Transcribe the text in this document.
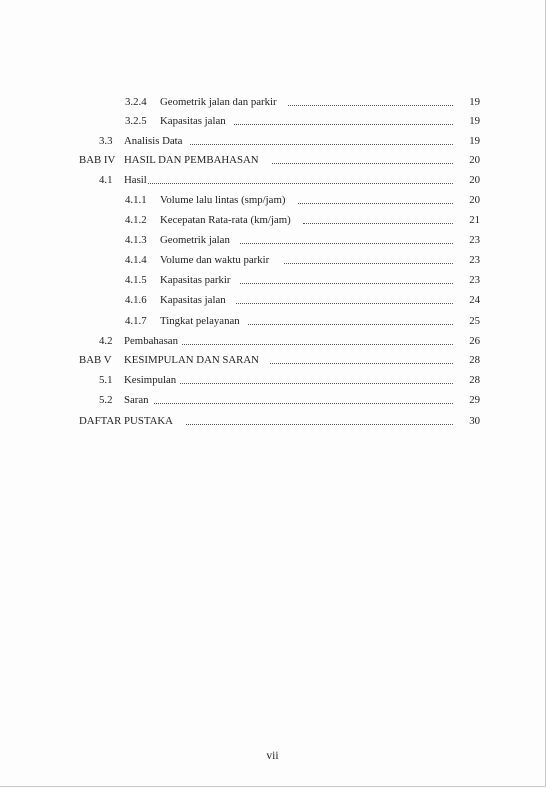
3.2.4 Geometrik jalan dan parkir	19
3.2.5 Kapasitas jalan	19
3.3 Analisis Data	19
BAB IV HASIL DAN PEMBAHASAN	20
4.1 Hasil	20
4.1.1 Volume lalu lintas (smp/jam)	20
4.1.2 Kecepatan Rata-rata (km/jam)	21
4.1.3 Geometrik jalan	23
4.1.4 Volume dan waktu parkir	23
4.1.5 Kapasitas parkir	23
4.1.6 Kapasitas jalan	24
4.1.7 Tingkat pelayanan	25
4.2 Pembahasan	26
BAB V KESIMPULAN DAN SARAN	28
5.1 Kesimpulan	28
5.2 Saran	29
DAFTAR PUSTAKA	30
vii
